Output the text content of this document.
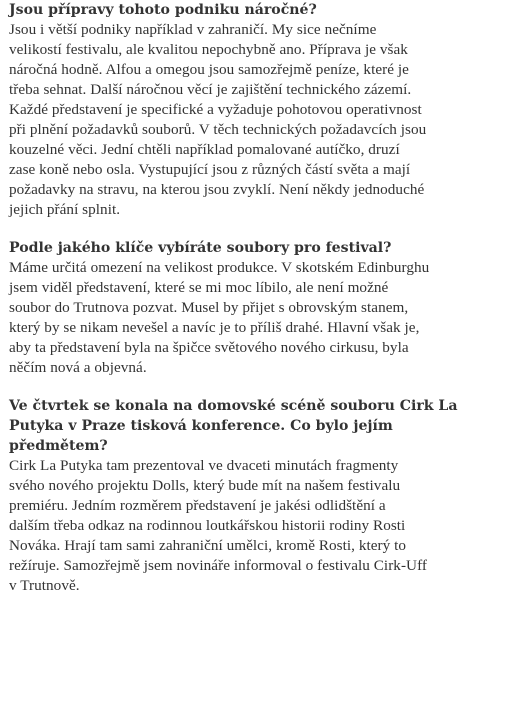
Jsou přípravy tohoto podniku náročné?

Jsou i větší podniky například v zahraničí. My sice nečníme
velikostí festivalu, ale kvalitou nepochybně ano. Příprava je však
náročná hodně. Alfou a omegou jsou samozřejmě peníze, které je
třeba sehnat. Další náročnou věcí je zajištění technického zázemí.
Každé představení je specifické a vyžaduje pohotovou operativnost
při plnění požadavků souborů. V těch technických požadavcích jsou
kouzelné věci. Jední chtěli například pomalované autíčko, druzí
zase koně nebo osla. Vystupující jsou z různých částí světa a mají
požadavky na stravu, na kterou jsou zvyklí. Není někdy jednoduché
jejich přání splnit.

Podle jakého klíče vybíráte soubory pro festival?

Máme určitá omezení na velikost produkce. V skotském Edinburghu
jsem viděl představení, které se mi moc líbilo, ale není možné
soubor do Trutnova pozvat. Musel by přijet s obrovským stanem,
který by se nikam nevešel a navíc je to příliš drahé. Hlavní však je,
aby ta představení byla na špičce světového nového cirkusu, byla
něčím nová a objevná.

Ve čtvrtek se konala na domovské scéně souboru Cirk La
Putyka v Praze tisková konference. Co bylo jejím
předmětem?

Cirk La Putyka tam prezentoval ve dvaceti minutách fragmenty
svého nového projektu Dolls, který bude mít na našem festivalu
premiéru. Jedním rozměrem představení je jakési odlidštění a
dalším třeba odkaz na rodinnou loutkářskou historii rodiny Rosti
Nováka. Hrají tam sami zahraniční umělci, kromě Rosti, který to
režíruje. Samozřejmě jsem novináře informoval o festivalu Cirk-Uff
v Trutnově.
